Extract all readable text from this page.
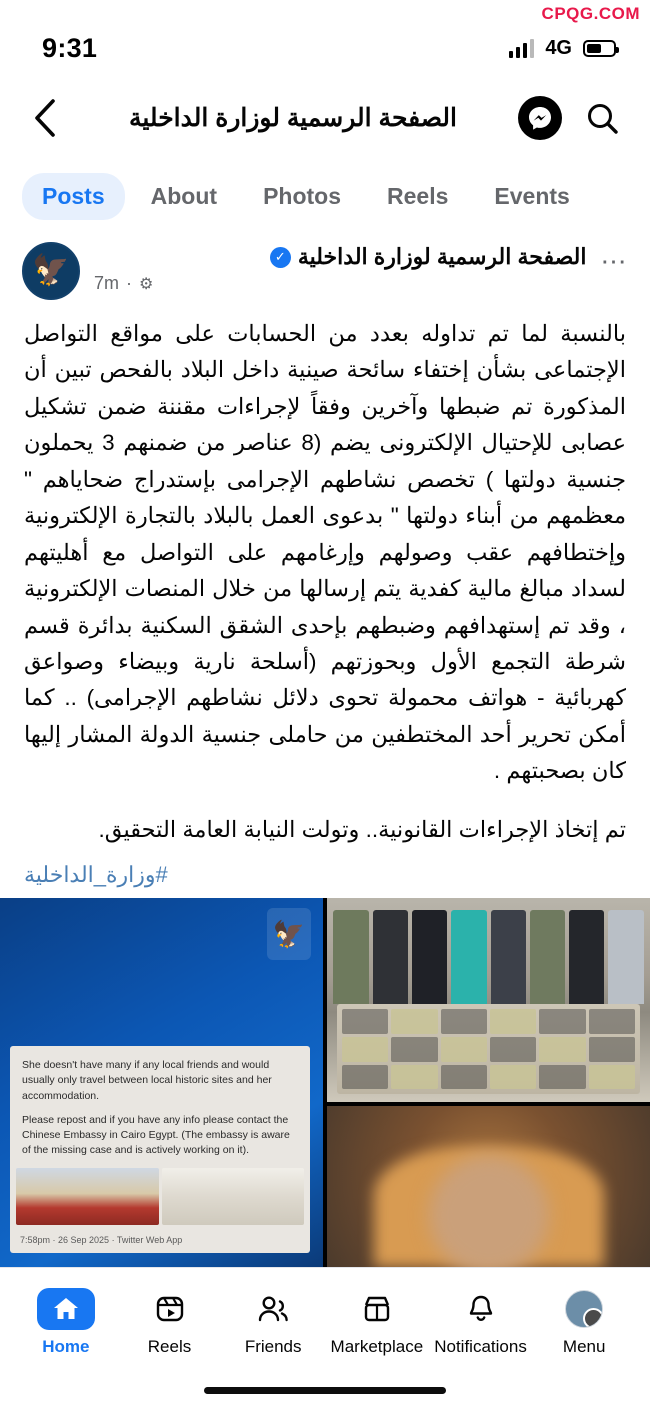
CPQG.COM
9:31	4G
الصفحة الرسمية لوزارة الداخلية
Posts	About	Photos	Reels	Events
🦅	الصفحة الرسمية لوزارة الداخلية
✓
7m · ⚙
⋯

بالنسبة لما تم تداوله بعدد من الحسابات على مواقع التواصل الإجتماعى بشأن إختفاء سائحة صينية داخل البلاد بالفحص تبين أن المذكورة تم ضبطها وآخرين وفقاً لإجراءات مقننة ضمن تشكيل عصابى للإحتيال الإلكترونى يضم (8 عناصر من ضمنهم 3 يحملون جنسية دولتها ) تخصص نشاطهم الإجرامى بإستدراج ضحاياهم " معظمهم من أبناء دولتها " بدعوى العمل بالبلاد بالتجارة الإلكترونية وإختطافهم عقب وصولهم وإرغامهم على التواصل مع أهليتهم لسداد مبالغ مالية كفدية يتم إرسالها من خلال المنصات الإلكترونية ، وقد تم إستهدافهم وضبطهم بإحدى الشقق السكنية بدائرة قسم شرطة التجمع الأول وبحوزتهم (أسلحة نارية وبيضاء وصواعق كهربائية - هواتف محمولة تحوى دلائل نشاطهم الإجرامى) .. كما أمكن تحرير أحد المختطفين من حاملى جنسية الدولة المشار إليها كان بصحبتهم .

تم إتخاذ الإجراءات القانونية.. وتولت النيابة العامة التحقيق.

#وزارة_الداخلية
🦅

She doesn't have many if any local friends and would usually only travel between local historic sites and her accommodation.

Please repost and if you have any info please contact the Chinese Embassy in Cairo Egypt. (The embassy is aware of the missing case and is actively working on it).

7:58pm · 26 Sep 2025 · Twitter Web App
Home	Reels	Friends Marketplace Notifications Menu
